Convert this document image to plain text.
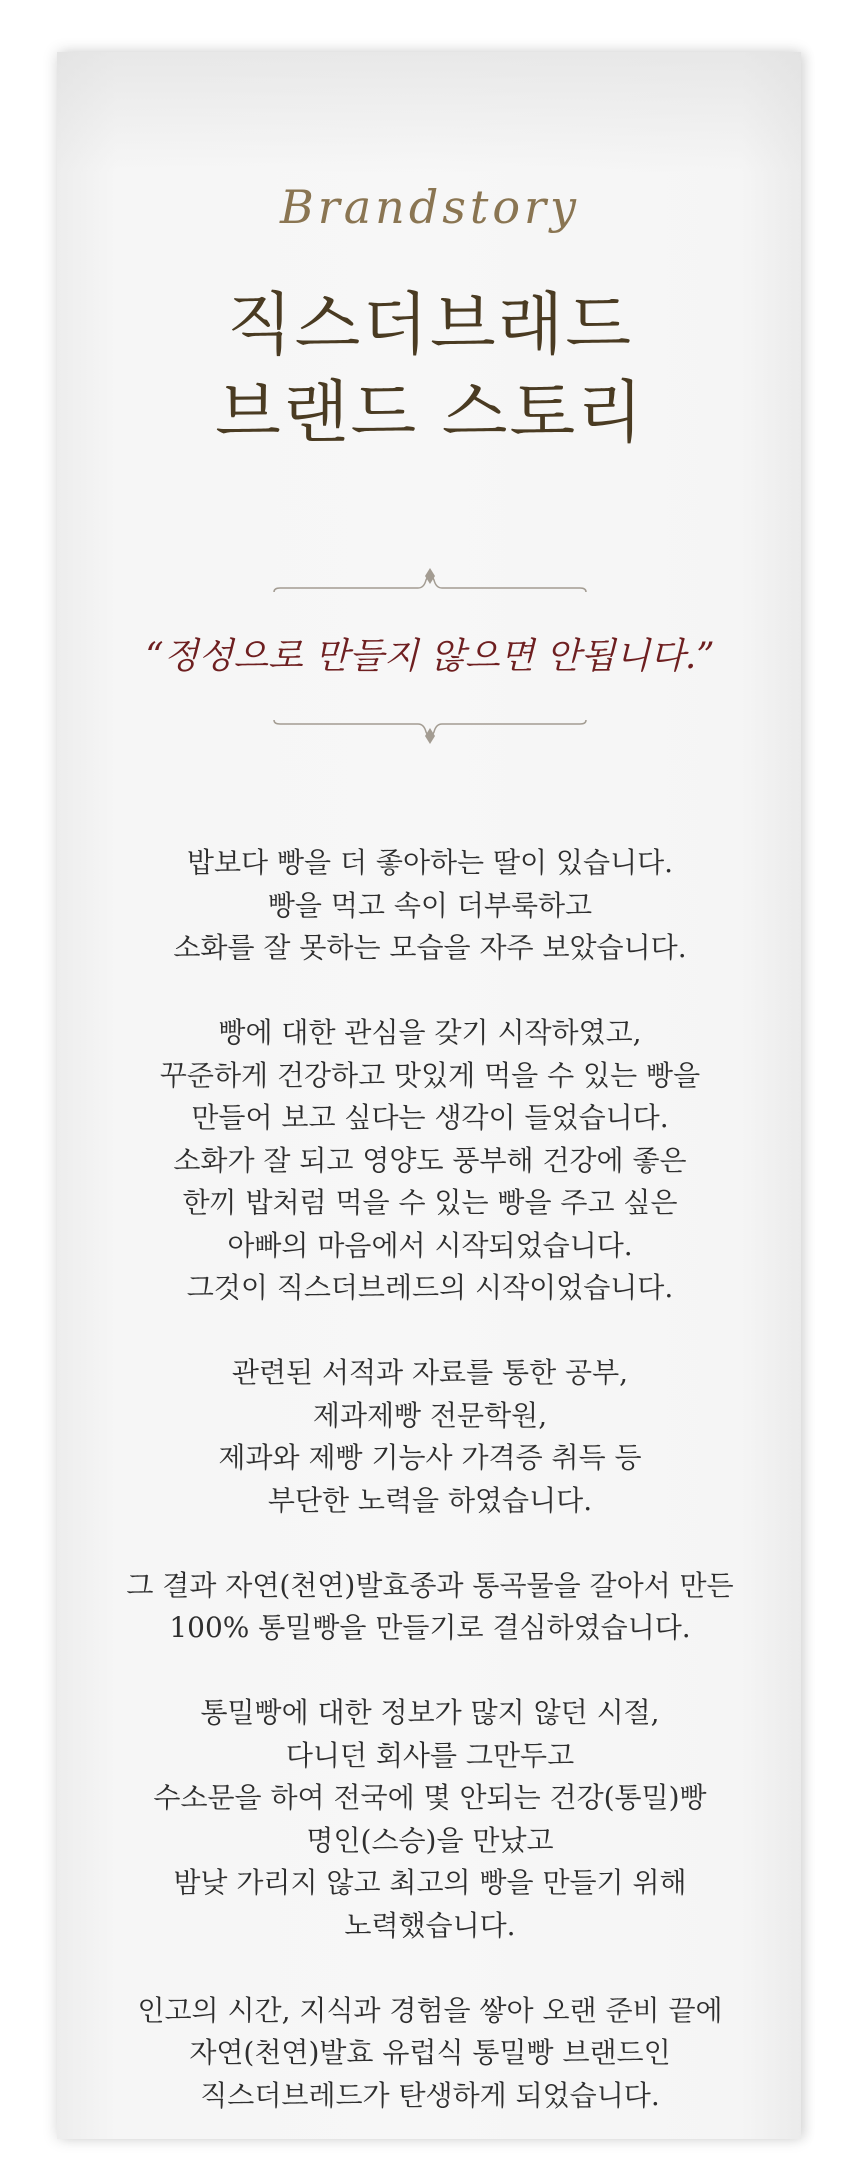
Brandstory
직스더브래드
브랜드 스토리
“정성으로 만들지 않으면 안됩니다.”

밥보다 빵을 더 좋아하는 딸이 있습니다.
빵을 먹고 속이 더부룩하고
소화를 잘 못하는 모습을 자주 보았습니다.

빵에 대한 관심을 갖기 시작하였고,
꾸준하게 건강하고 맛있게 먹을 수 있는 빵을
만들어 보고 싶다는 생각이 들었습니다.
소화가 잘 되고 영양도 풍부해 건강에 좋은
한끼 밥처럼 먹을 수 있는 빵을 주고 싶은
아빠의 마음에서 시작되었습니다.
그것이 직스더브레드의 시작이었습니다.

관련된 서적과 자료를 통한 공부,
제과제빵 전문학원,
제과와 제빵 기능사 가격증 취득 등
부단한 노력을 하였습니다.

그 결과 자연(천연)발효종과 통곡물을 갈아서 만든
100% 통밀빵을 만들기로 결심하였습니다.

통밀빵에 대한 정보가 많지 않던 시절,
다니던 회사를 그만두고
수소문을 하여 전국에 몇 안되는 건강(통밀)빵
명인(스승)을 만났고
밤낮 가리지 않고 최고의 빵을 만들기 위해
노력했습니다.

인고의 시간, 지식과 경험을 쌓아 오랜 준비 끝에
자연(천연)발효 유럽식 통밀빵 브랜드인
직스더브레드가 탄생하게 되었습니다.
